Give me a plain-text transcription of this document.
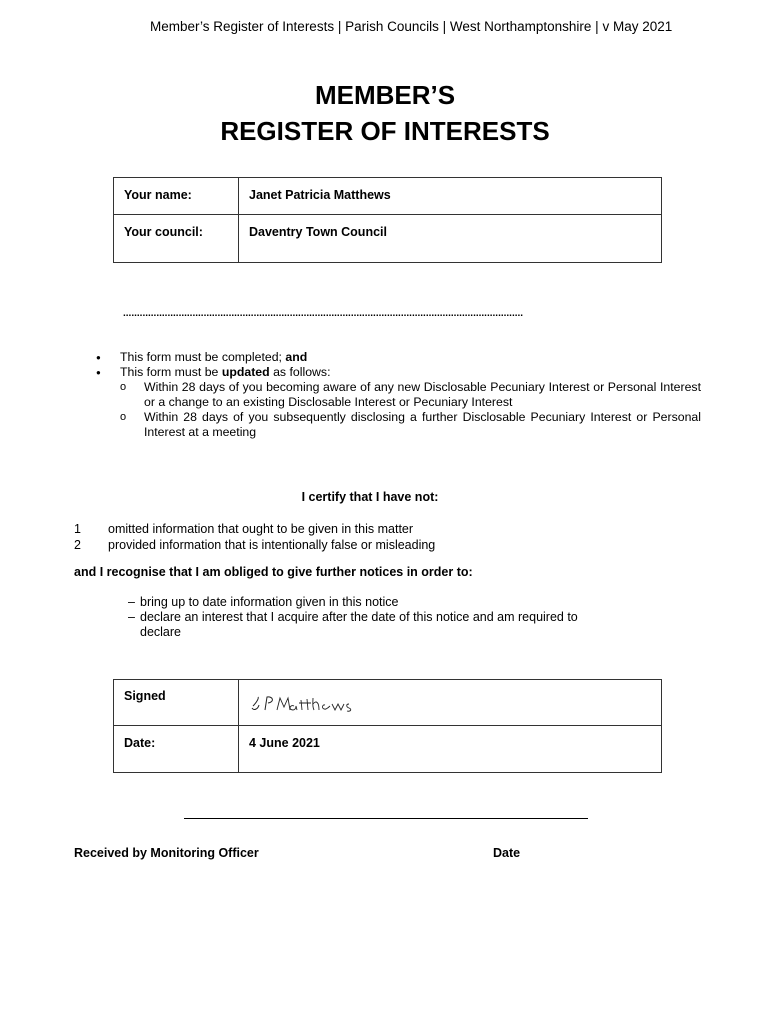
Member’s Register of Interests | Parish Councils | West Northamptonshire | v May 2021
MEMBER’S
REGISTER OF INTERESTS
Your name:	Janet Patricia Matthews

Your council:	Daventry Town Council
................................................................................................................................................
● This form must be completed; and
● This form must be updated as follows:
o Within 28 days of you becoming aware of any new Disclosable Pecuniary Interest or Personal Interest or a change to an existing Disclosable Interest or Pecuniary Interest
o Within 28 days of you subsequently disclosing a further Disclosable Pecuniary Interest or Personal Interest at a meeting
I certify that I have not:
1	omitted information that ought to be given in this matter
2	provided information that is intentionally false or misleading
and I recognise that I am obliged to give further notices in order to:
– bring up to date information given in this notice
– declare an interest that I acquire after the date of this notice and am required to declare
Signed

Date:	4 June 2021
Received by Monitoring Officer	Date
